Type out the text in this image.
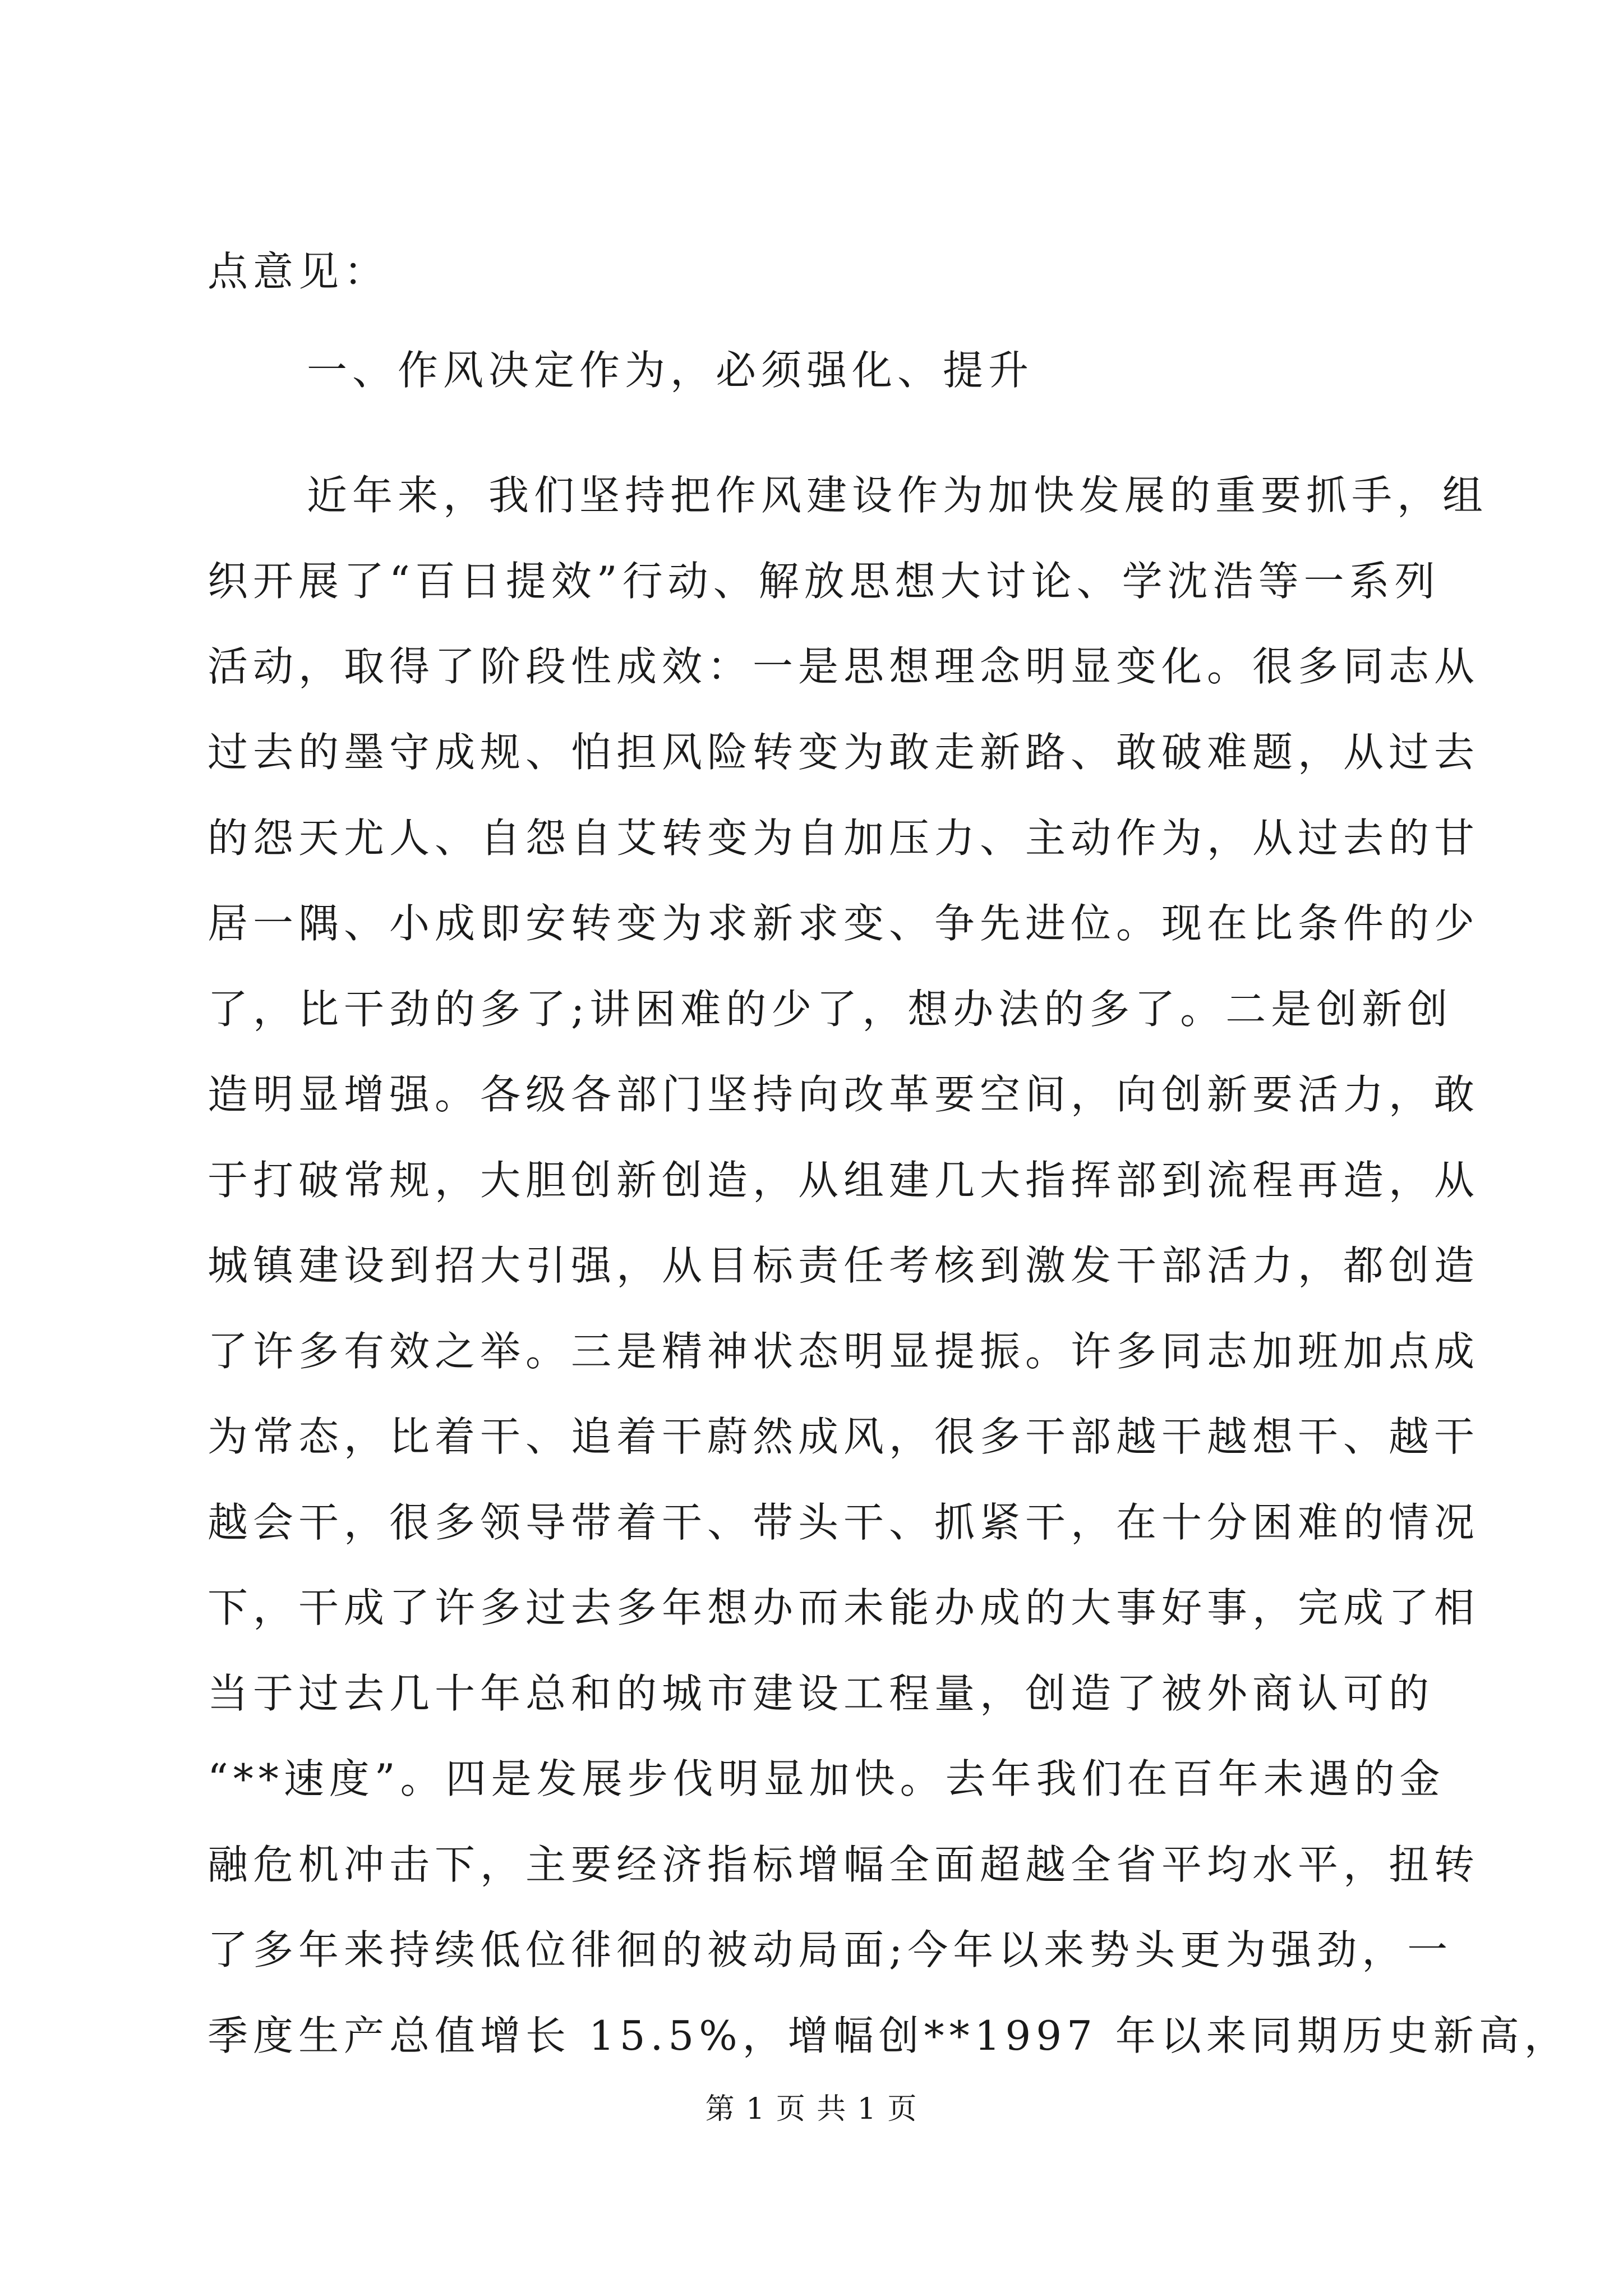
点意见：
一、作风决定作为，必须强化、提升
近年来，我们坚持把作风建设作为加快发展的重要抓手，组
织开展了“百日提效”行动、解放思想大讨论、学沈浩等一系列
活动，取得了阶段性成效：一是思想理念明显变化。很多同志从
过去的墨守成规、怕担风险转变为敢走新路、敢破难题，从过去
的怨天尤人、自怨自艾转变为自加压力、主动作为，从过去的甘
居一隅、小成即安转变为求新求变、争先进位。现在比条件的少
了，比干劲的多了;讲困难的少了，想办法的多了。二是创新创
造明显增强。各级各部门坚持向改革要空间，向创新要活力，敢
于打破常规，大胆创新创造，从组建几大指挥部到流程再造，从
城镇建设到招大引强，从目标责任考核到激发干部活力，都创造
了许多有效之举。三是精神状态明显提振。许多同志加班加点成
为常态，比着干、追着干蔚然成风，很多干部越干越想干、越干
越会干，很多领导带着干、带头干、抓紧干，在十分困难的情况
下，干成了许多过去多年想办而未能办成的大事好事，完成了相
当于过去几十年总和的城市建设工程量，创造了被外商认可的
“**速度”。四是发展步伐明显加快。去年我们在百年未遇的金
融危机冲击下，主要经济指标增幅全面超越全省平均水平，扭转
了多年来持续低位徘徊的被动局面;今年以来势头更为强劲，一
季度生产总值增长 15.5%，增幅创**1997 年以来同期历史新高，
第 1 页 共 1 页
